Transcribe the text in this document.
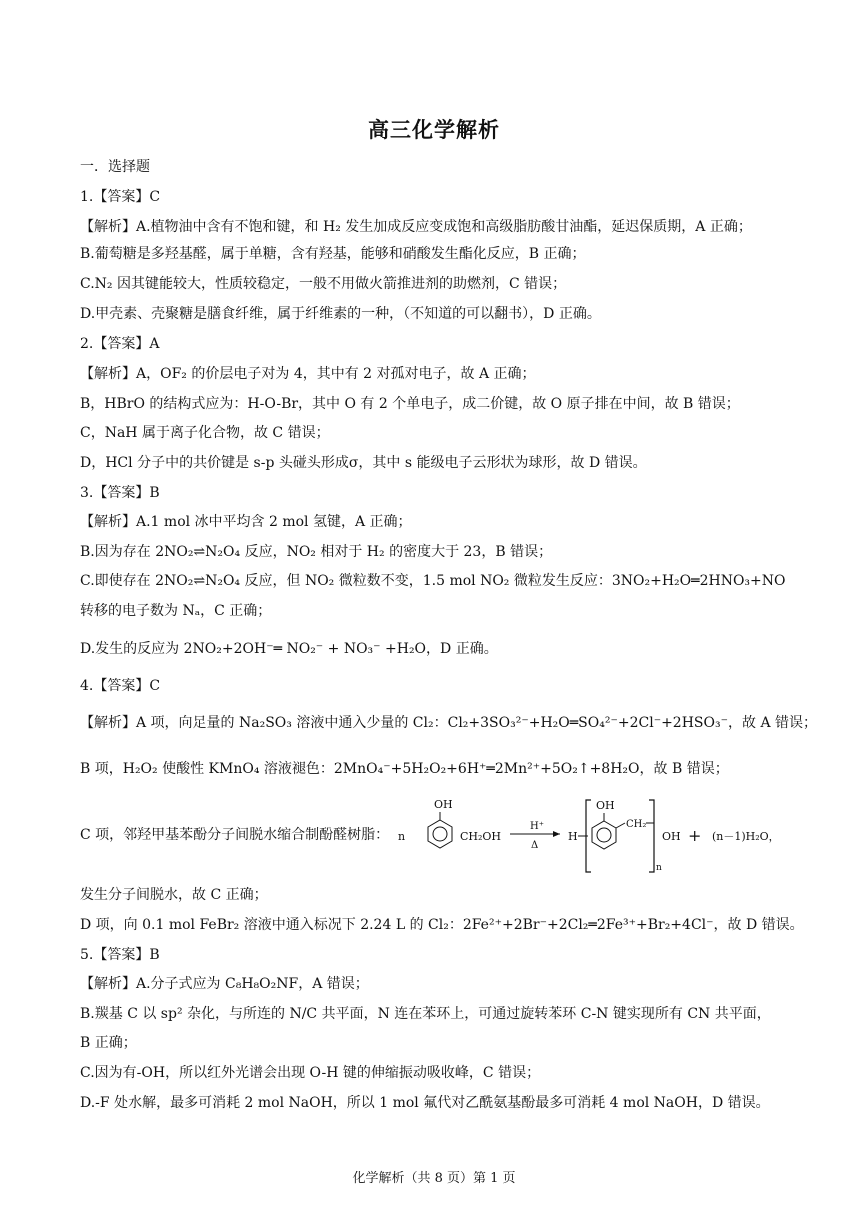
高三化学解析
一．选择题
1.【答案】C
【解析】A.植物油中含有不饱和键，和 H₂ 发生加成反应变成饱和高级脂肪酸甘油酯，延迟保质期，A 正确；
B.葡萄糖是多羟基醛，属于单糖，含有羟基，能够和硝酸发生酯化反应，B 正确；
C.N₂ 因其键能较大，性质较稳定，一般不用做火箭推进剂的助燃剂，C 错误；
D.甲壳素、壳聚糖是膳食纤维，属于纤维素的一种，（不知道的可以翻书），D 正确。
2.【答案】A
【解析】A，OF₂ 的价层电子对为 4，其中有 2 对孤对电子，故 A 正确；
B，HBrO 的结构式应为：H-O-Br，其中 O 有 2 个单电子，成二价键，故 O 原子排在中间，故 B 错误；
C，NaH 属于离子化合物，故 C 错误；
D，HCl 分子中的共价键是 s-p 头碰头形成σ，其中 s 能级电子云形状为球形，故 D 错误。
3.【答案】B
【解析】A.1 mol 冰中平均含 2 mol 氢键，A 正确；
B.因为存在 2NO₂⇌N₂O₄ 反应，NO₂ 相对于 H₂ 的密度大于 23，B 错误；
C.即使存在 2NO₂⇌N₂O₄ 反应，但 NO₂ 微粒数不变，1.5 mol NO₂ 微粒发生反应：3NO₂+H₂O═2HNO₃+NO
转移的电子数为 Nₐ，C 正确；
D.发生的反应为 2NO₂+2OH⁻═ NO₂⁻ + NO₃⁻ +H₂O，D 正确。
4.【答案】C
【解析】A 项，向足量的 Na₂SO₃ 溶液中通入少量的 Cl₂：Cl₂+3SO₃²⁻+H₂O═SO₄²⁻+2Cl⁻+2HSO₃⁻，故 A 错误；
B 项，H₂O₂ 使酸性 KMnO₄ 溶液褪色：2MnO₄⁻+5H₂O₂+6H⁺═2Mn²⁺+5O₂↑+8H₂O，故 B 错误；
C 项，邻羟甲基苯酚分子间脱水缩合制酚醛树脂： n
OH
CH₂OH
H⁺
Δ
H
OH
CH₂
n
OH + (n－1)H₂O，
发生分子间脱水，故 C 正确；
D 项，向 0.1 mol FeBr₂ 溶液中通入标况下 2.24 L 的 Cl₂：2Fe²⁺+2Br⁻+2Cl₂═2Fe³⁺+Br₂+4Cl⁻，故 D 错误。
5.【答案】B
【解析】A.分子式应为 C₈H₈O₂NF，A 错误；
B.羰基 C 以 sp² 杂化，与所连的 N/C 共平面，N 连在苯环上，可通过旋转苯环 C-N 键实现所有 CN 共平面，
B 正确；
C.因为有-OH，所以红外光谱会出现 O-H 键的伸缩振动吸收峰，C 错误；
D.-F 处水解，最多可消耗 2 mol NaOH，所以 1 mol 氟代对乙酰氨基酚最多可消耗 4 mol NaOH，D 错误。
化学解析（共 8 页）第 1 页
